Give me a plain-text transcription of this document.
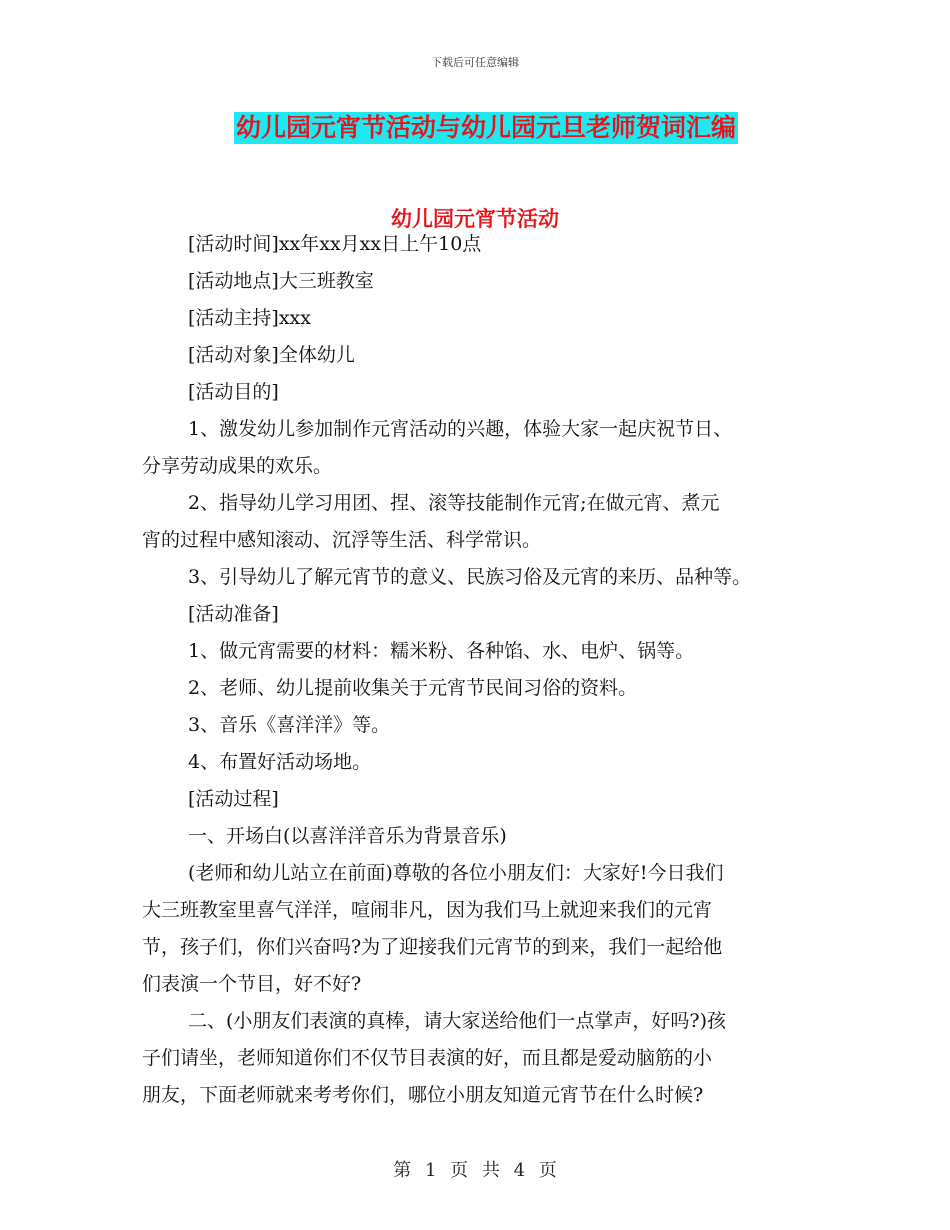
下载后可任意编辑
幼儿园元宵节活动与幼儿园元旦老师贺词汇编
幼儿园元宵节活动

[活动时间]xx年xx月xx日上午10点

[活动地点]大三班教室

[活动主持]xxx

[活动对象]全体幼儿

[活动目的]

1、激发幼儿参加制作元宵活动的兴趣，体验大家一起庆祝节日、

分享劳动成果的欢乐。

2、指导幼儿学习用团、捏、滚等技能制作元宵;在做元宵、煮元

宵的过程中感知滚动、沉浮等生活、科学常识。

3、引导幼儿了解元宵节的意义、民族习俗及元宵的来历、品种等。

[活动准备]

1、做元宵需要的材料：糯米粉、各种馅、水、电炉、锅等。

2、老师、幼儿提前收集关于元宵节民间习俗的资料。

3、音乐《喜洋洋》等。

4、布置好活动场地。

[活动过程]

一、开场白(以喜洋洋音乐为背景音乐)

(老师和幼儿站立在前面)尊敬的各位小朋友们：大家好!今日我们

大三班教室里喜气洋洋，喧闹非凡，因为我们马上就迎来我们的元宵

节，孩子们，你们兴奋吗?为了迎接我们元宵节的到来，我们一起给他

们表演一个节目，好不好?

二、(小朋友们表演的真棒，请大家送给他们一点掌声，好吗?)孩

子们请坐，老师知道你们不仅节目表演的好，而且都是爱动脑筋的小

朋友，下面老师就来考考你们，哪位小朋友知道元宵节在什么时候?

第 1 页 共 4 页
